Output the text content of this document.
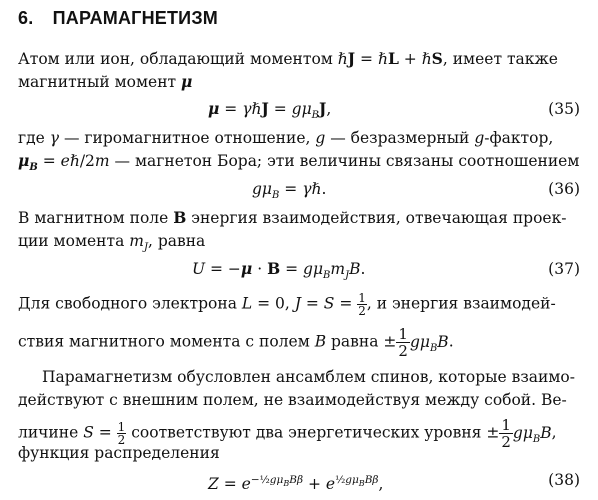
6. ПАРАМАГНЕТИЗМ
Атом или ион, обладающий моментом ℏJ = ℏL + ℏS, имеет также
магнитный момент μ
μ = γℏJ = $g\mu_BJ$,	(35)
где γ — гиромагнитное отношение, g — безразмерный g-фактор,
$\mu_B$ = eℏ/2m — магнетон Бора; эти величины связаны соотношением
$g\mu_B$ = γℏ.	(36)
В магнитном поле B энергия взаимодействия, отвечающая проек-
ции момента $m_J$, равна
$U = -\mu \cdot B = g\mu_Bm_JB$.	(37)
Для свободного электрона L = 0, $J = S = \frac{1}{2}$ , и энергия взаимодей-
ствия магнитного момента с полем B равна ± $\frac{1}{2} g\mu_BB$.
Парамагнетизм обусловлен ансамблем спинов, которые взаимо-
действуют с внешним полем, не взаимодействуя между собой. Ве-
личине $S = \frac{1}{2}$ соответствуют два энергетических уровня ± $\frac{1}{2} g\mu_BB$,
функция распределения
$Z = e^{-\frac{1}{2}g\mu_BB\beta} + e^{\frac{1}{2}g\mu_BB\beta}$,	(38)
